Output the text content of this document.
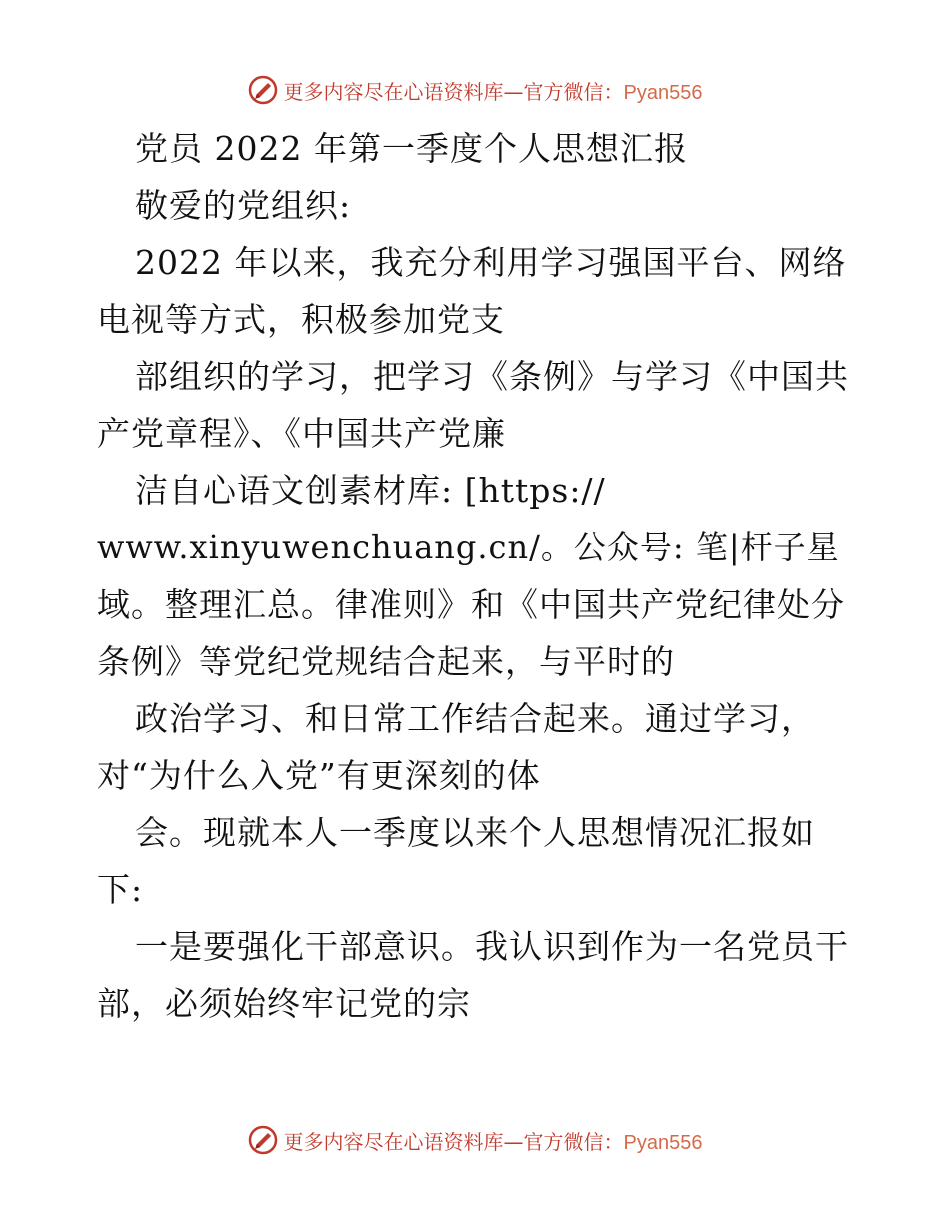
更多内容尽在心语资料库—官方微信：Pyan556
党员 2022 年第一季度个人思想汇报
敬爱的党组织:
2022 年以来，我充分利用学习强国平台、网络
电视等方式，积极参加党支
部组织的学习，把学习《条例》与学习《中国共
产党章程》、《中国共产党廉
洁自心语文创素材库: [https://
www.xinyuwenchuang.cn/。公众号: 笔|杆子星
域。整理汇总。律准则》和《中国共产党纪律处分
条例》等党纪党规结合起来，与平时的
政治学习、和日常工作结合起来。通过学习，
对“为什么入党”有更深刻的体
会。现就本人一季度以来个人思想情况汇报如
下:
一是要强化干部意识。我认识到作为一名党员干
部，必须始终牢记党的宗
更多内容尽在心语资料库—官方微信：Pyan556
